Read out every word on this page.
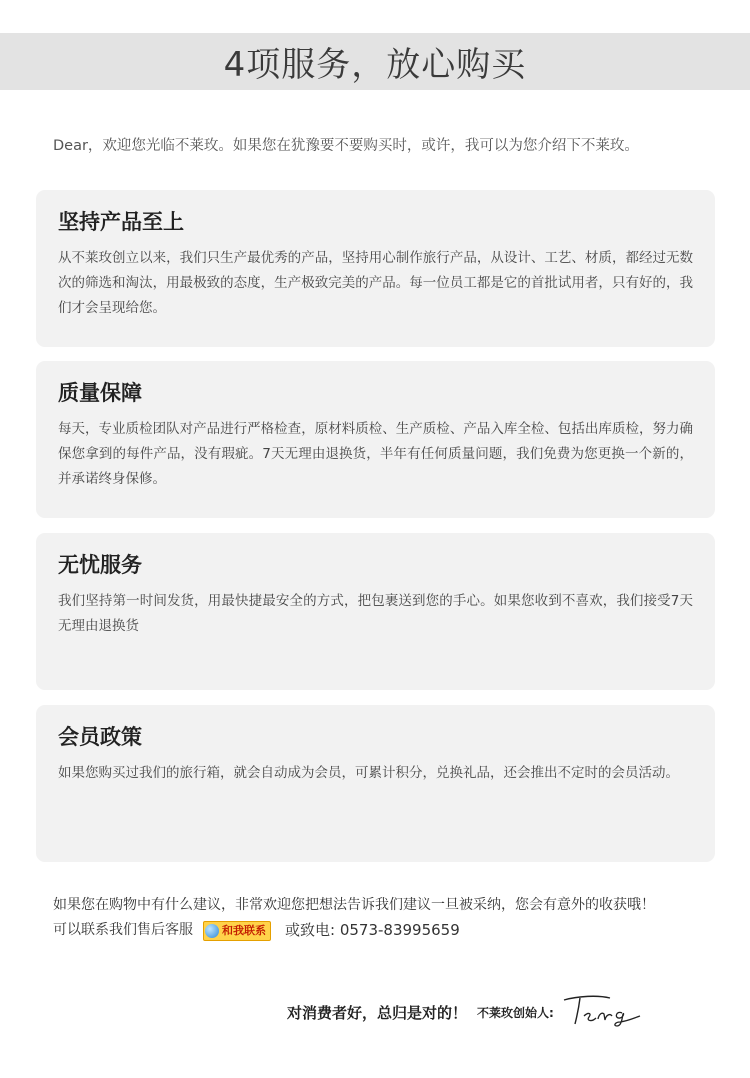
4项服务，放心购买
Dear，欢迎您光临不莱玫。如果您在犹豫要不要购买时，或许，我可以为您介绍下不莱玫。
坚持产品至上
从不莱玫创立以来，我们只生产最优秀的产品，坚持用心制作旅行产品，从设计、工艺、材质，都经过无数次的筛选和淘汰，用最极致的态度，生产极致完美的产品。每一位员工都是它的首批试用者，只有好的，我们才会呈现给您。
质量保障
每天，专业质检团队对产品进行严格检查，原材料质检、生产质检、产品入库全检、包括出库质检，努力确保您拿到的每件产品，没有瑕疵。7天无理由退换货，半年有任何质量问题，我们免费为您更换一个新的，并承诺终身保修。
无忧服务
我们坚持第一时间发货，用最快捷最安全的方式，把包裹送到您的手心。如果您收到不喜欢，我们接受7天无理由退换货
会员政策
如果您购买过我们的旅行箱，就会自动成为会员，可累计积分，兑换礼品，还会推出不定时的会员活动。
如果您在购物中有什么建议，非常欢迎您把想法告诉我们建议一旦被采纳，您会有意外的收获哦！
可以联系我们售后客服	和我联系 或致电: 0573-83995659
对消费者好，总归是对的！ 不莱玫创始人:
